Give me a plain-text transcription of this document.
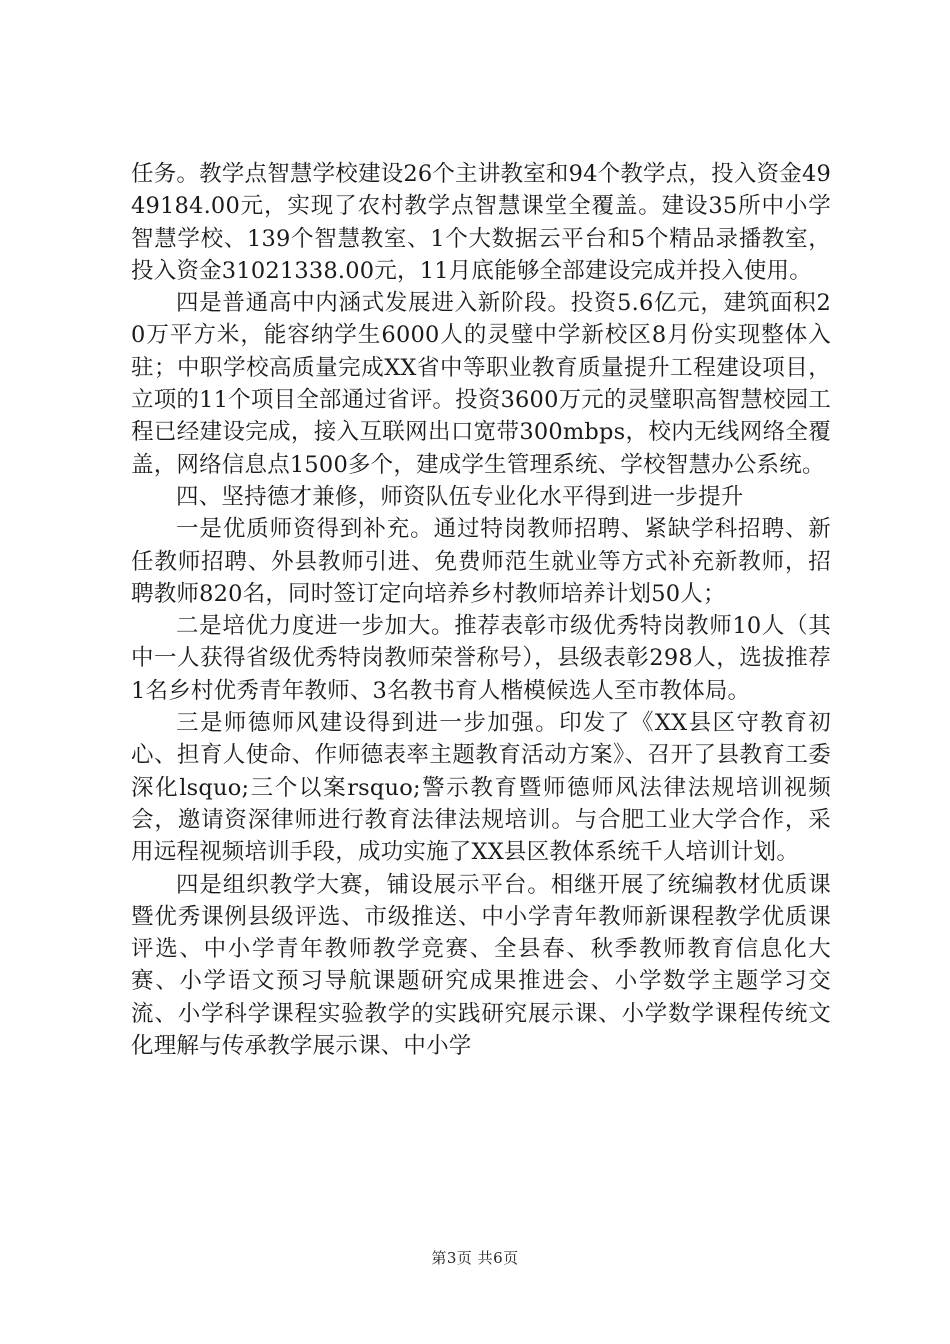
任务。教学点智慧学校建设26个主讲教室和94个教学点，投入资金4949184.00元，实现了农村教学点智慧课堂全覆盖。建设35所中小学智慧学校、139个智慧教室、1个大数据云平台和5个精品录播教室，投入资金31021338.00元，11月底能够全部建设完成并投入使用。

四是普通高中内涵式发展进入新阶段。投资5.6亿元，建筑面积20万平方米，能容纳学生6000人的灵璧中学新校区8月份实现整体入驻；中职学校高质量完成XX省中等职业教育质量提升工程建设项目，立项的11个项目全部通过省评。投资3600万元的灵璧职高智慧校园工程已经建设完成，接入互联网出口宽带300mbps，校内无线网络全覆盖，网络信息点1500多个，建成学生管理系统、学校智慧办公系统。

四、坚持德才兼修，师资队伍专业化水平得到进一步提升

一是优质师资得到补充。通过特岗教师招聘、紧缺学科招聘、新任教师招聘、外县教师引进、免费师范生就业等方式补充新教师，招聘教师820名，同时签订定向培养乡村教师培养计划50人；

二是培优力度进一步加大。推荐表彰市级优秀特岗教师10人（其中一人获得省级优秀特岗教师荣誉称号），县级表彰298人，选拔推荐1名乡村优秀青年教师、3名教书育人楷模候选人至市教体局。

三是师德师风建设得到进一步加强。印发了《XX县区守教育初心、担育人使命、作师德表率主题教育活动方案》、召开了县教育工委深化lsquo;三个以案rsquo;警示教育暨师德师风法律法规培训视频会，邀请资深律师进行教育法律法规培训。与合肥工业大学合作，采用远程视频培训手段，成功实施了XX县区教体系统千人培训计划。

四是组织教学大赛，铺设展示平台。相继开展了统编教材优质课暨优秀课例县级评选、市级推送、中小学青年教师新课程教学优质课评选、中小学青年教师教学竞赛、全县春、秋季教师教育信息化大赛、小学语文预习导航课题研究成果推进会、小学数学主题学习交流、小学科学课程实验教学的实践研究展示课、小学数学课程传统文化理解与传承教学展示课、中小学

第3页 共6页
